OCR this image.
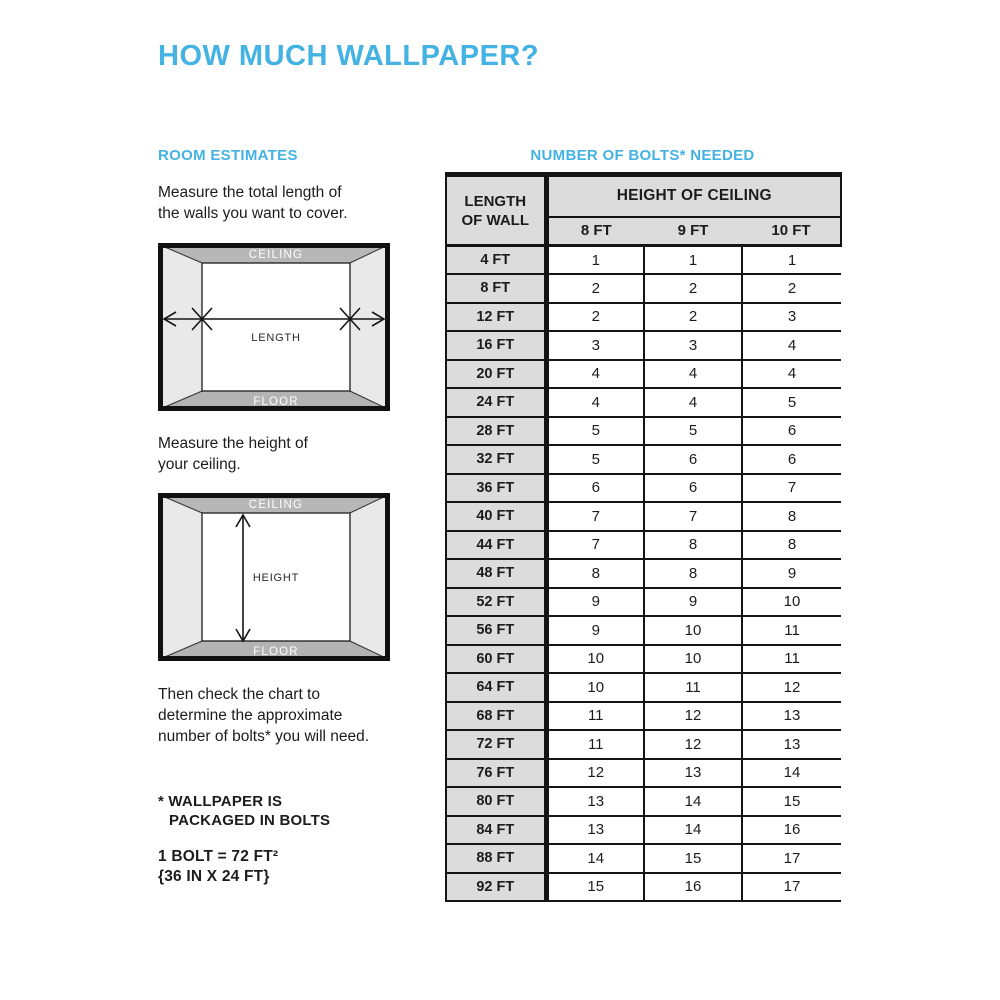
HOW MUCH WALLPAPER?
ROOM ESTIMATES

Measure the total length of
the walls you want to cover.

CEILING
FLOOR
LENGTH

Measure the height of
your ceiling.

CEILING
FLOOR
HEIGHT

Then check the chart to
determine the approximate
number of bolts* you will need.

* WALLPAPER IS
PACKAGED IN BOLTS

1 BOLT = 72 FT²
{36 IN X 24 FT}

NUMBER OF BOLTS* NEEDED
LENGTH
OF WALL	HEIGHT OF CEILING		
	8 FT	9 FT	10 FT
4 FT	1	1	1
8 FT	2	2	2
12 FT	2	2	3
16 FT	3	3	4
20 FT	4	4	4
24 FT	4	4	5
28 FT	5	5	6
32 FT	5	6	6
36 FT	6	6	7
40 FT	7	7	8
44 FT	7	8	8
48 FT	8	8	9
52 FT	9	9	10
56 FT	9	10	11
60 FT	10	10	11
64 FT	10	11	12
68 FT	11	12	13
72 FT	11	12	13
76 FT	12	13	14
80 FT	13	14	15
84 FT	13	14	16
88 FT	14	15	17
92 FT	15	16	17
